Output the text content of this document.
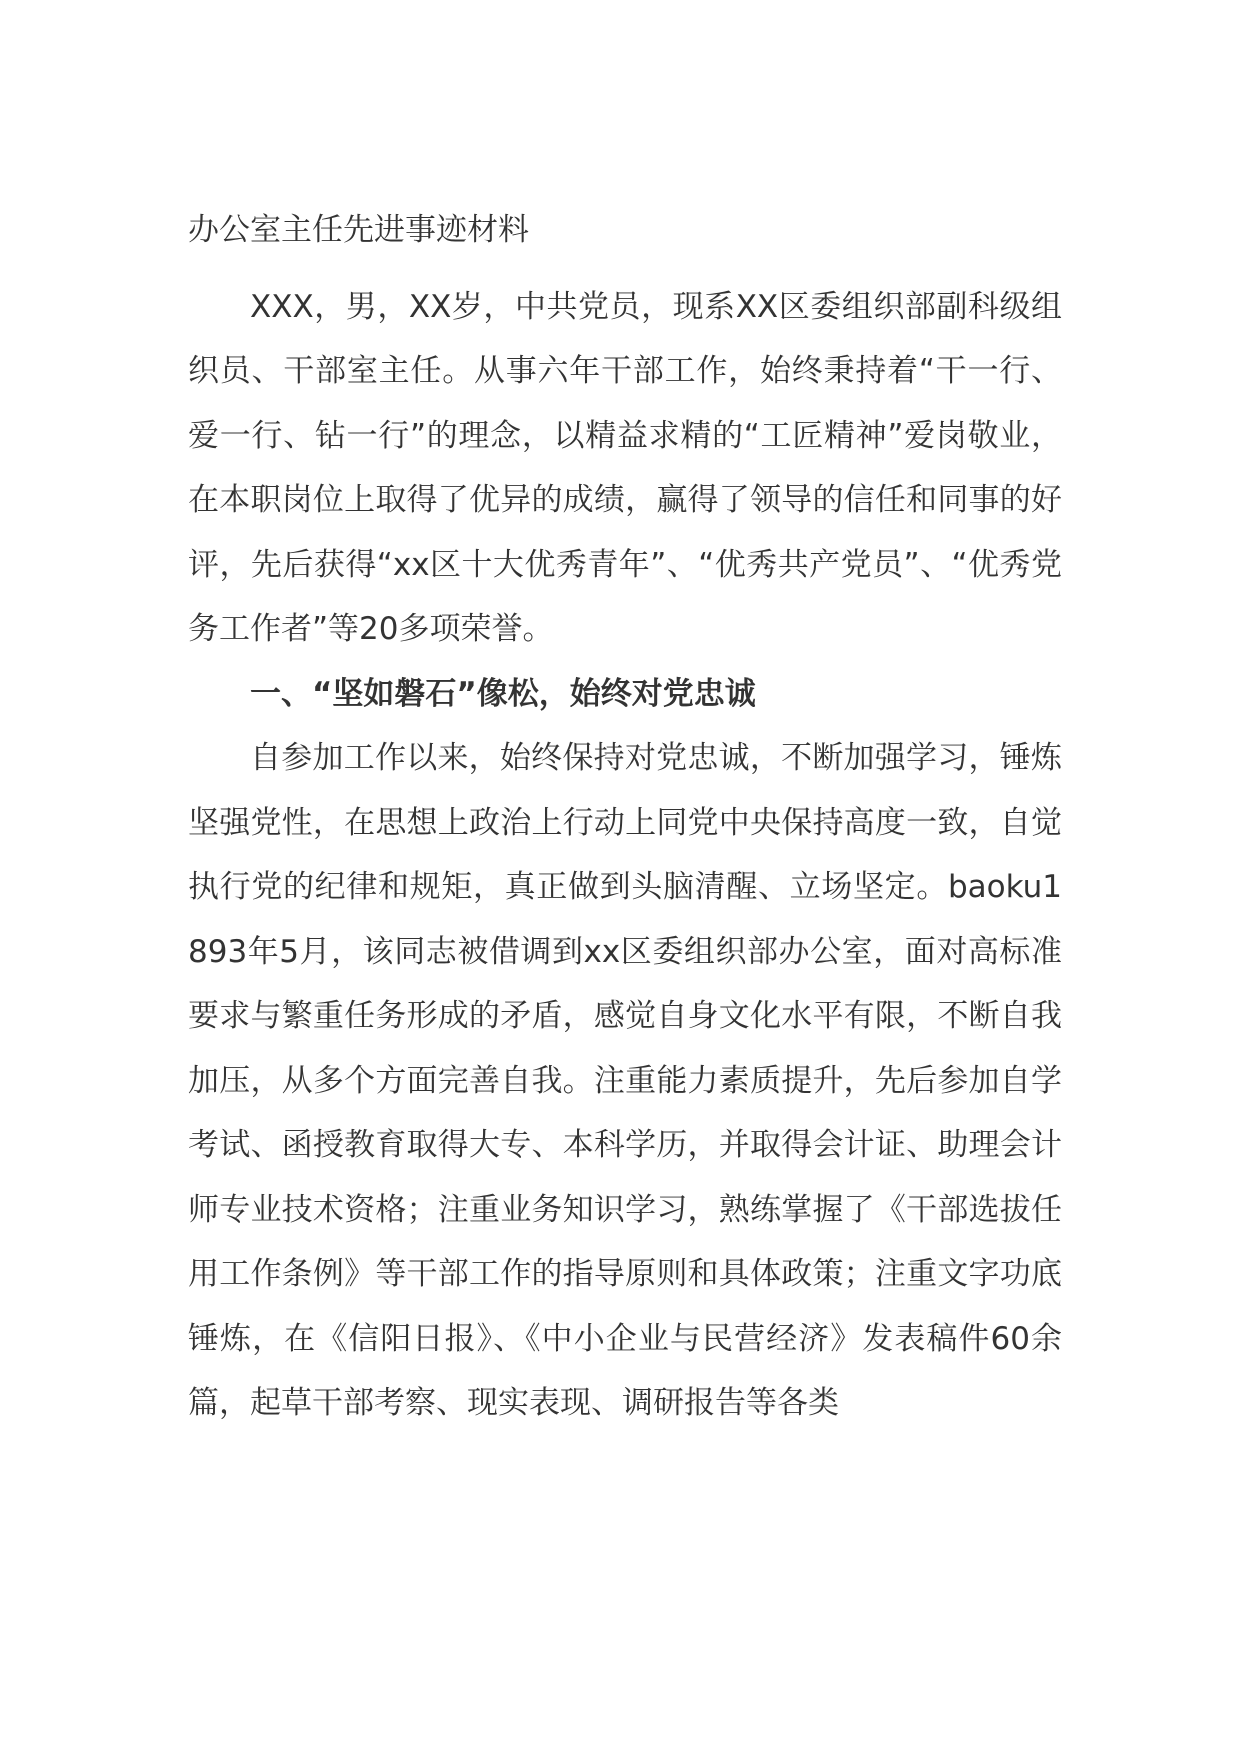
办公室主任先进事迹材料

XXX，男，XX岁，中共党员，现系XX区委组织部副科级组织员、干部室主任。从事六年干部工作，始终秉持着“干一行、爱一行、钻一行”的理念，以精益求精的“工匠精神”爱岗敬业，在本职岗位上取得了优异的成绩，赢得了领导的信任和同事的好评，先后获得“xx区十大优秀青年”、“优秀共产党员”、“优秀党务工作者”等20多项荣誉。

一、“坚如磐石”像松，始终对党忠诚

自参加工作以来，始终保持对党忠诚，不断加强学习，锤炼坚强党性，在思想上政治上行动上同党中央保持高度一致，自觉执行党的纪律和规矩，真正做到头脑清醒、立场坚定。baoku1893年5月，该同志被借调到xx区委组织部办公室，面对高标准要求与繁重任务形成的矛盾，感觉自身文化水平有限，不断自我加压，从多个方面完善自我。注重能力素质提升，先后参加自学考试、函授教育取得大专、本科学历，并取得会计证、助理会计师专业技术资格；注重业务知识学习，熟练掌握了《干部选拔任用工作条例》等干部工作的指导原则和具体政策；注重文字功底锤炼，在《信阳日报》、《中小企业与民营经济》发表稿件60余篇，起草干部考察、现实表现、调研报告等各类
